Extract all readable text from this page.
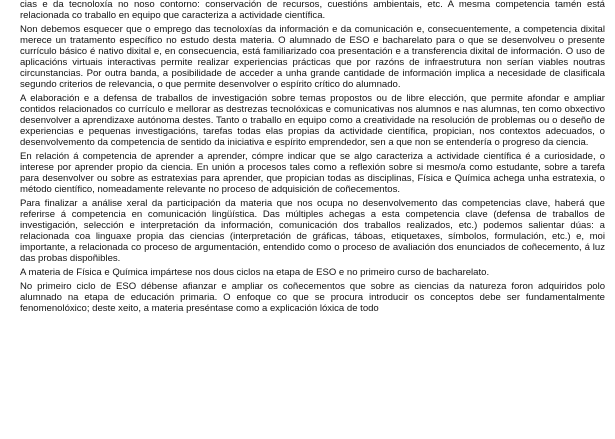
cias e da tecnoloxía no noso contorno: conservación de recursos, cuestións ambientais, etc. A mesma competencia tamén está relacionada co traballo en equipo que caracteriza a actividade científica.

Non debemos esquecer que o emprego das tecnoloxías da información e da comunicación e, consecuentemente, a competencia dixital merece un tratamento específico no estudo desta materia. O alumnado de ESO e bacharelato para o que se desenvolveu o presente currículo básico é nativo dixital e, en consecuencia, está familiarizado coa presentación e a transferencia dixital de información. O uso de aplicacións virtuais interactivas permite realizar experiencias prácticas que por razóns de infraestrutura non serían viables noutras circunstancias. Por outra banda, a posibilidade de acceder a unha grande cantidade de información implica a necesidade de clasificala segundo criterios de relevancia, o que permite desenvolver o espírito crítico do alumnado.

A elaboración e a defensa de traballos de investigación sobre temas propostos ou de libre elección, que permite afondar e ampliar contidos relacionados co currículo e mellorar as destrezas tecnolóxicas e comunicativas nos alumnos e nas alumnas, ten como obxectivo desenvolver a aprendizaxe autónoma destes. Tanto o traballo en equipo como a creatividade na resolución de problemas ou o deseño de experiencias e pequenas investigacións, tarefas todas elas propias da actividade científica, propician, nos contextos adecuados, o desenvolvemento da competencia de sentido da iniciativa e espírito emprendedor, sen a que non se entendería o progreso da ciencia.

En relación á competencia de aprender a aprender, cómpre indicar que se algo caracteriza a actividade científica é a curiosidade, o interese por aprender propio da ciencia. En unión a procesos tales como a reflexión sobre si mesmo/a como estudante, sobre a tarefa para desenvolver ou sobre as estratexias para aprender, que propician todas as disciplinas, Física e Química achega unha estratexia, o método científico, nomeadamente relevante no proceso de adquisición de coñecementos.

Para finalizar a análise xeral da participación da materia que nos ocupa no desenvolvemento das competencias clave, haberá que referirse á competencia en comunicación lingüística. Das múltiples achegas a esta competencia clave (defensa de traballos de investigación, selección e interpretación da información, comunicación dos traballos realizados, etc.) podemos salientar dúas: a relacionada coa linguaxe propia das ciencias (interpretación de gráficas, táboas, etiquetaxes, símbolos, formulación, etc.) e, moi importante, a relacionada co proceso de argumentación, entendido como o proceso de avaliación dos enunciados de coñecemento, á luz das probas dispoñibles.

A materia de Física e Química impártese nos dous ciclos na etapa de ESO e no primeiro curso de bacharelato.

No primeiro ciclo de ESO débense afianzar e ampliar os coñecementos que sobre as ciencias da natureza foron adquiridos polo alumnado na etapa de educación primaria. O enfoque co que se procura introducir os conceptos debe ser fundamentalmente fenomenolóxico; deste xeito, a materia preséntase como a explicación lóxica de todo
